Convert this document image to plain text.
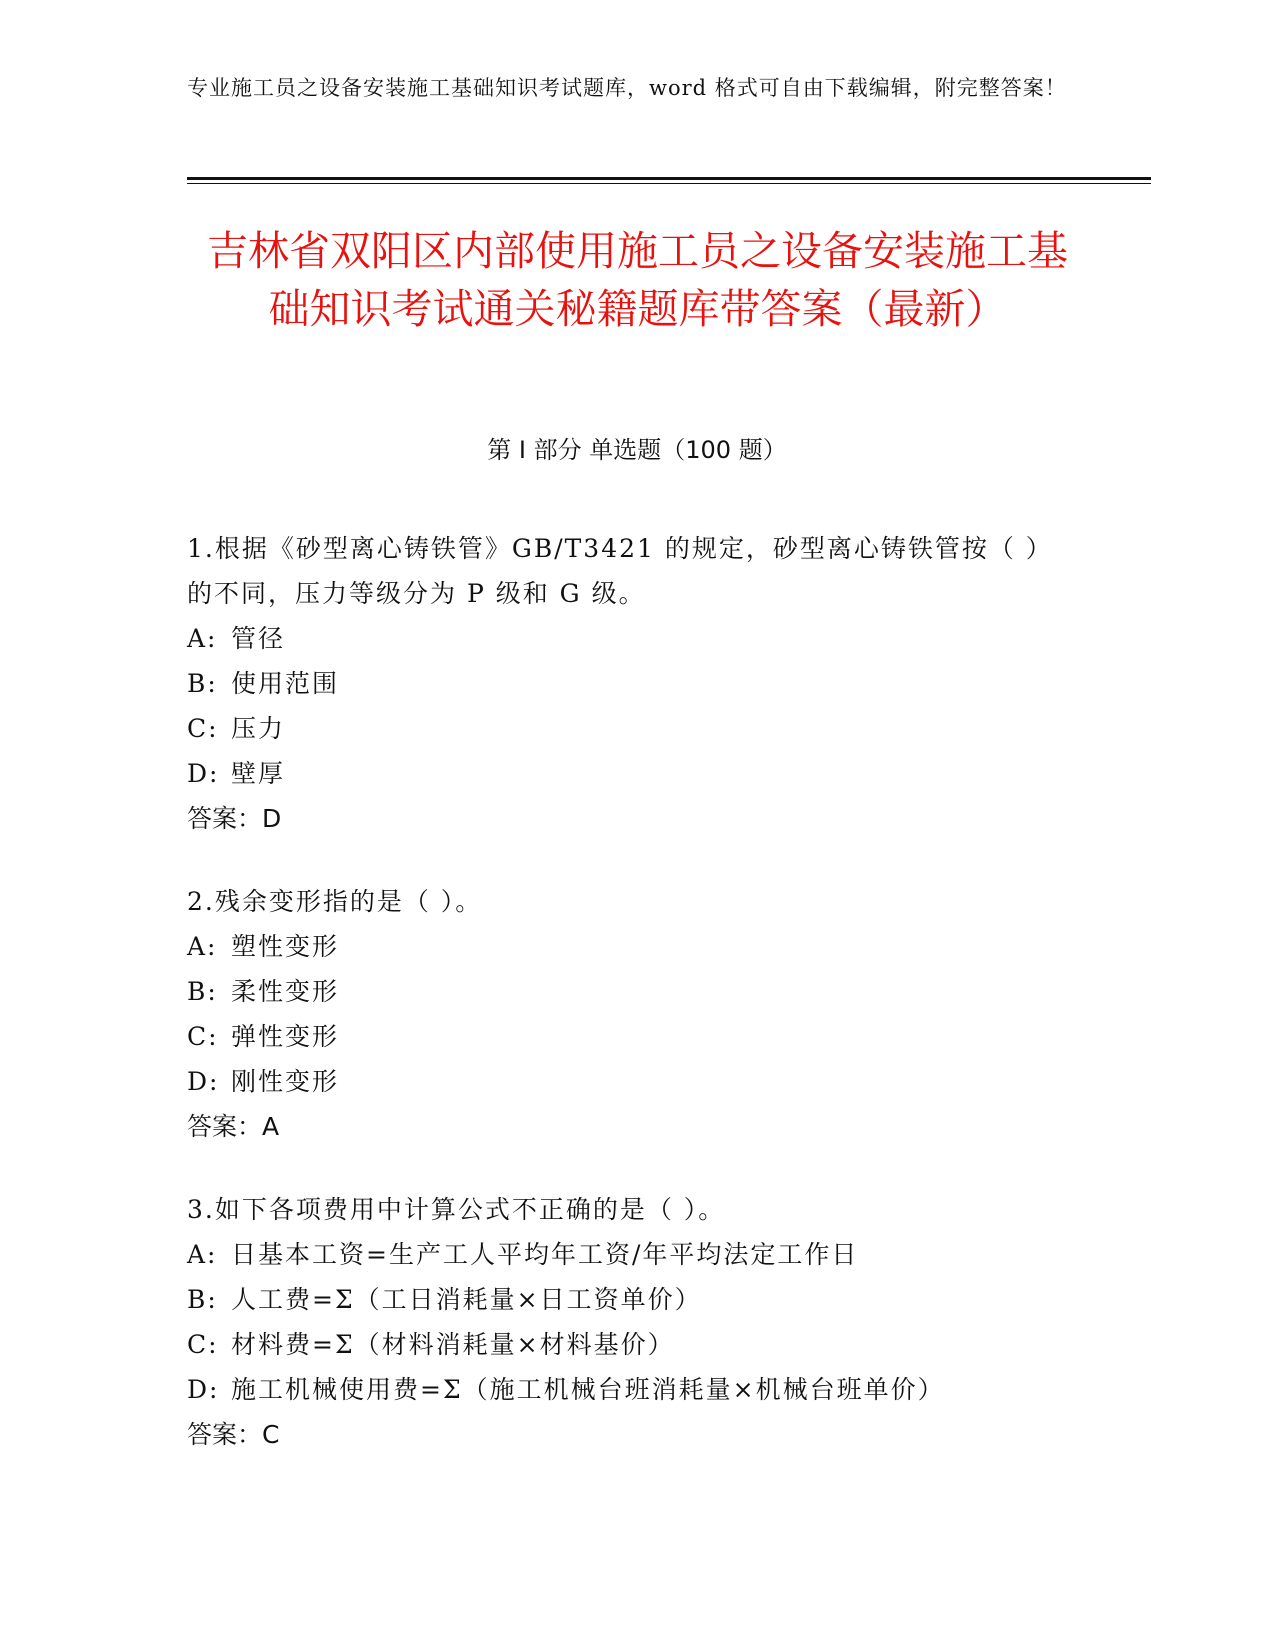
专业施工员之设备安装施工基础知识考试题库，word 格式可自由下载编辑，附完整答案！
吉林省双阳区内部使用施工员之设备安装施工基础知识考试通关秘籍题库带答案（最新）
第 I 部分 单选题（100 题）
1.根据《砂型离心铸铁管》GB/T3421 的规定，砂型离心铸铁管按（ ）的不同，压力等级分为 P 级和 G 级。
A: 管径
B: 使用范围
C: 压力
D: 壁厚
答案：D
2.残余变形指的是（ ）。
A: 塑性变形
B: 柔性变形
C: 弹性变形
D: 刚性变形
答案：A
3.如下各项费用中计算公式不正确的是（ ）。
A: 日基本工资=生产工人平均年工资/年平均法定工作日
B: 人工费=Σ（工日消耗量×日工资单价）
C: 材料费=Σ（材料消耗量×材料基价）
D: 施工机械使用费=Σ（施工机械台班消耗量×机械台班单价）
答案：C
